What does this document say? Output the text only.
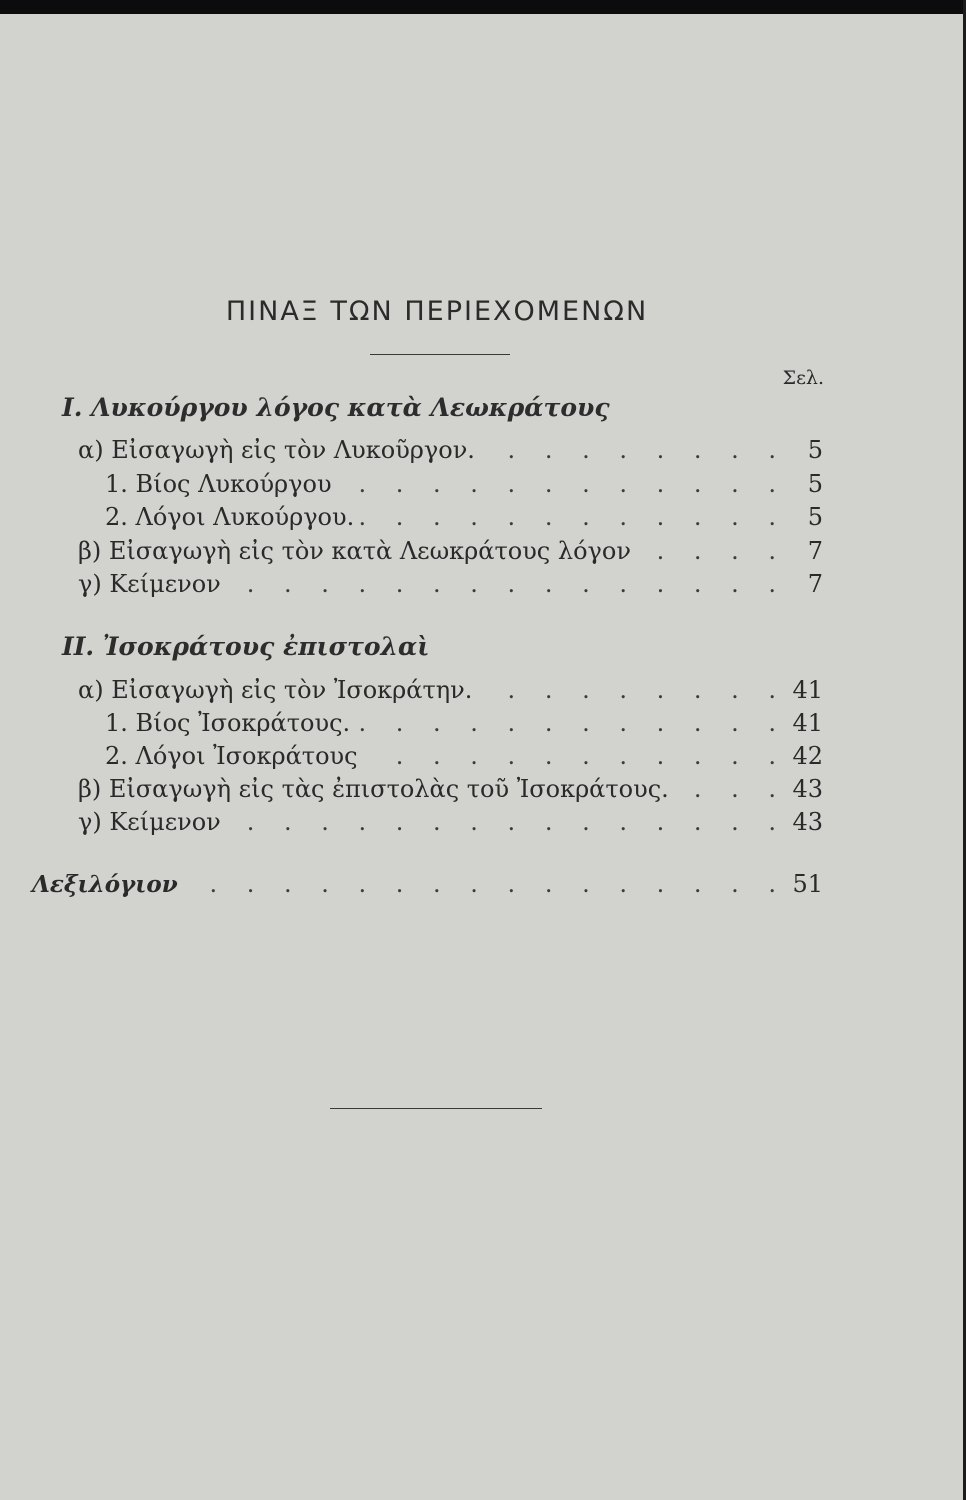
ΠΙΝΑΞ ΤΩΝ ΠΕΡΙΕΧΟΜΕΝΩΝ
Σελ.
I. Λυκούργου λόγος κατὰ Λεωκράτους
α) Εἰσαγωγὴ εἰς τὸν Λυκοῦργον. . . .	5
1. Βίος Λυκούργου . . .	5
2. Λόγοι Λυκούργου. . . .	5
β) Εἰσαγωγὴ εἰς τὸν κατὰ Λεωκράτους λόγον . . .	7
γ) Κείμενον . . .	7
II. Ἰσοκράτους ἐπιστολαὶ
α) Εἰσαγωγὴ εἰς τὸν Ἰσοκράτην. . . .	41
1. Βίος Ἰσοκράτους. . . .	41
2. Λόγοι Ἰσοκράτους . . .	42
β) Εἰσαγωγὴ εἰς τὰς ἐπιστολὰς τοῦ Ἰσοκράτους. . . .	43
γ) Κείμενον . . .	43
Λεξιλόγιον . . .	51
